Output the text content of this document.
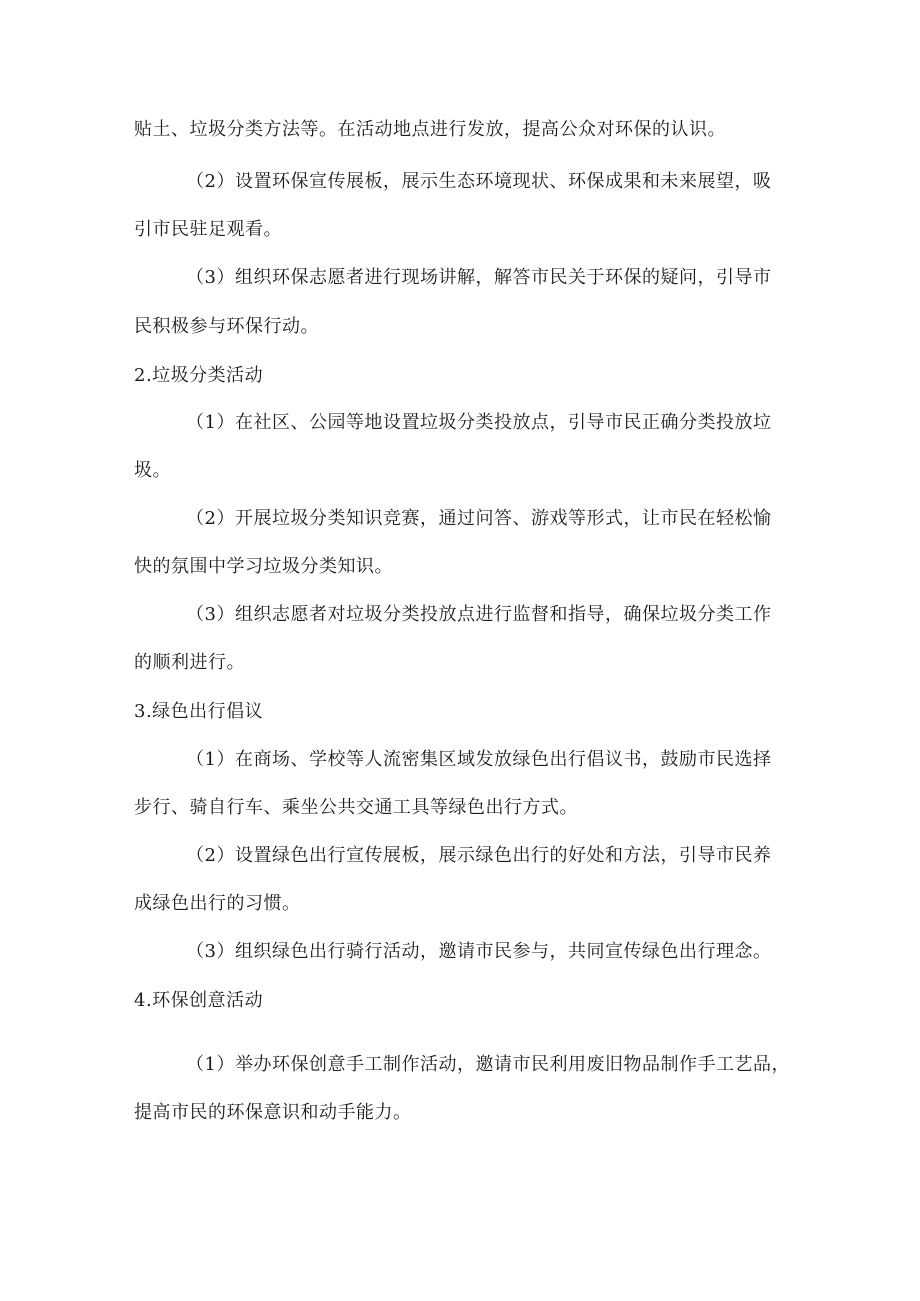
贴土、垃圾分类方法等。在活动地点进行发放，提高公众对环保的认识。
（2）设置环保宣传展板，展示生态环境现状、环保成果和未来展望，吸
引市民驻足观看。
（3）组织环保志愿者进行现场讲解，解答市民关于环保的疑问，引导市
民积极参与环保行动。
2.垃圾分类活动
（1）在社区、公园等地设置垃圾分类投放点，引导市民正确分类投放垃
圾。
（2）开展垃圾分类知识竞赛，通过问答、游戏等形式，让市民在轻松愉
快的氛围中学习垃圾分类知识。
（3）组织志愿者对垃圾分类投放点进行监督和指导，确保垃圾分类工作
的顺利进行。
3.绿色出行倡议
（1）在商场、学校等人流密集区域发放绿色出行倡议书，鼓励市民选择
步行、骑自行车、乘坐公共交通工具等绿色出行方式。
（2）设置绿色出行宣传展板，展示绿色出行的好处和方法，引导市民养
成绿色出行的习惯。
（3）组织绿色出行骑行活动，邀请市民参与，共同宣传绿色出行理念。
4.环保创意活动
（1）举办环保创意手工制作活动，邀请市民利用废旧物品制作手工艺品，
提高市民的环保意识和动手能力。
